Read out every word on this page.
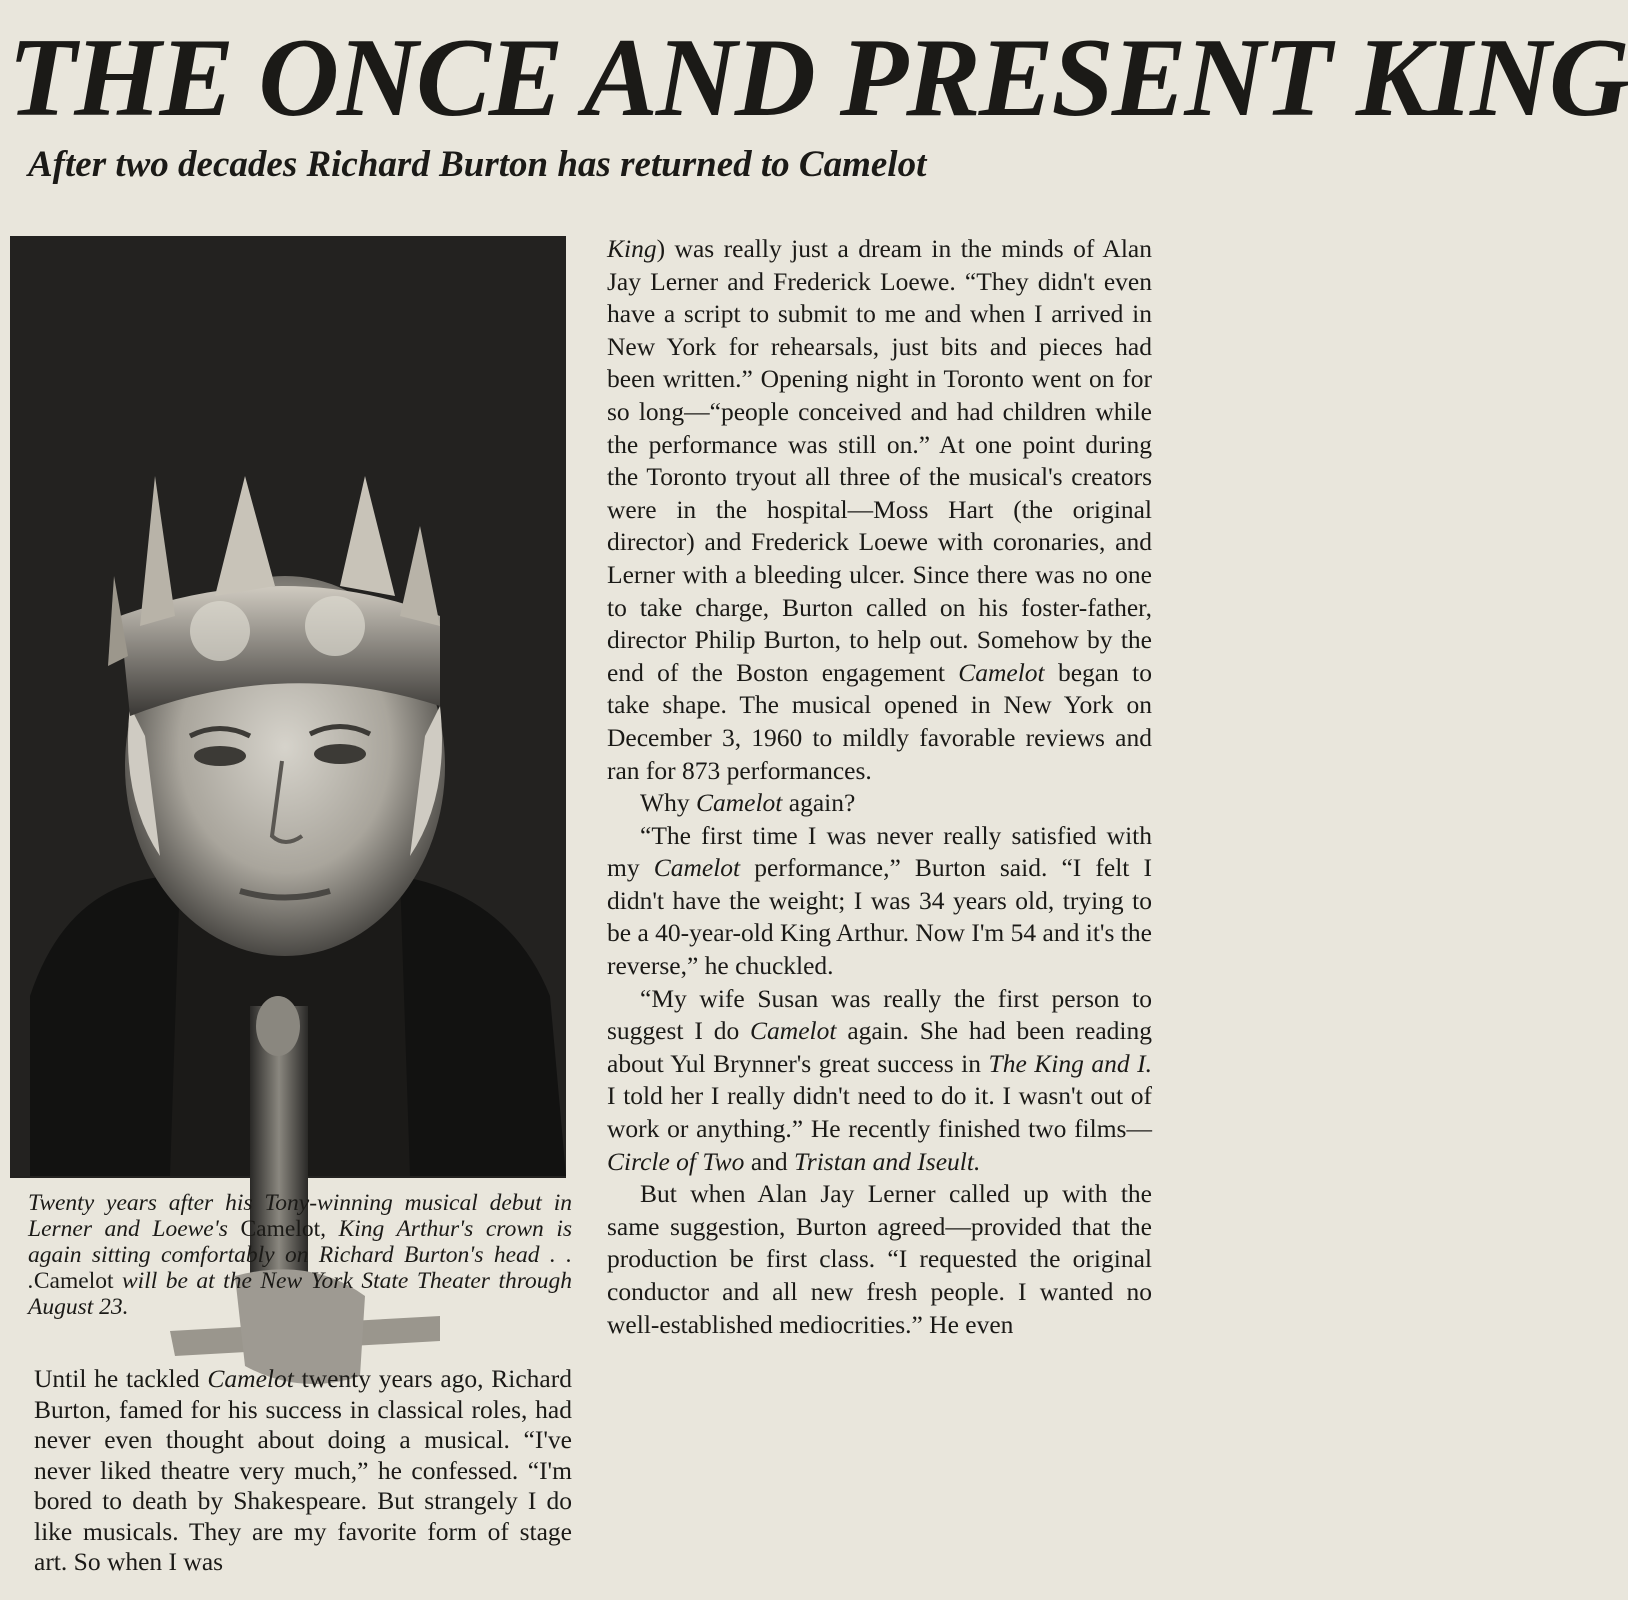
THE ONCE AND PRESENT KING
After two decades Richard Burton has returned to Camelot

Twenty years after his Tony-winning musical debut in Lerner and Loewe's Camelot, King Arthur's crown is again sitting comfortably on Richard Burton's head . . .Camelot will be at the New York State Theater through August 23.

Until he tackled Camelot twenty years ago, Richard Burton, famed for his success in classical roles, had never even thought about doing a musical. “I've never liked theatre very much,” he confessed. “I'm bored to death by Shakespeare. But strangely I do like musicals. They are my favorite form of stage art. So when I was

King) was really just a dream in the minds of Alan Jay Lerner and Frederick Loewe. “They didn't even have a script to submit to me and when I arrived in New York for rehearsals, just bits and pieces had been written.” Opening night in Toronto went on for so long—“people conceived and had children while the performance was still on.” At one point during the Toronto tryout all three of the musical's creators were in the hospital—Moss Hart (the original director) and Frederick Loewe with coronaries, and Lerner with a bleeding ulcer. Since there was no one to take charge, Burton called on his foster-father, director Philip Burton, to help out. Somehow by the end of the Boston engagement Camelot began to take shape. The musical opened in New York on December 3, 1960 to mildly favorable reviews and ran for 873 performances.

Why Camelot again?

“The first time I was never really satisfied with my Camelot performance,” Burton said. “I felt I didn't have the weight; I was 34 years old, trying to be a 40-year-old King Arthur. Now I'm 54 and it's the reverse,” he chuckled.

“My wife Susan was really the first person to suggest I do Camelot again. She had been reading about Yul Brynner's great success in The King and I. I told her I really didn't need to do it. I wasn't out of work or anything.” He recently finished two films—Circle of Two and Tristan and Iseult.

But when Alan Jay Lerner called up with the same suggestion, Burton agreed—provided that the production be first class. “I requested the original conductor and all new fresh people. I wanted no well-established mediocrities.” He even
